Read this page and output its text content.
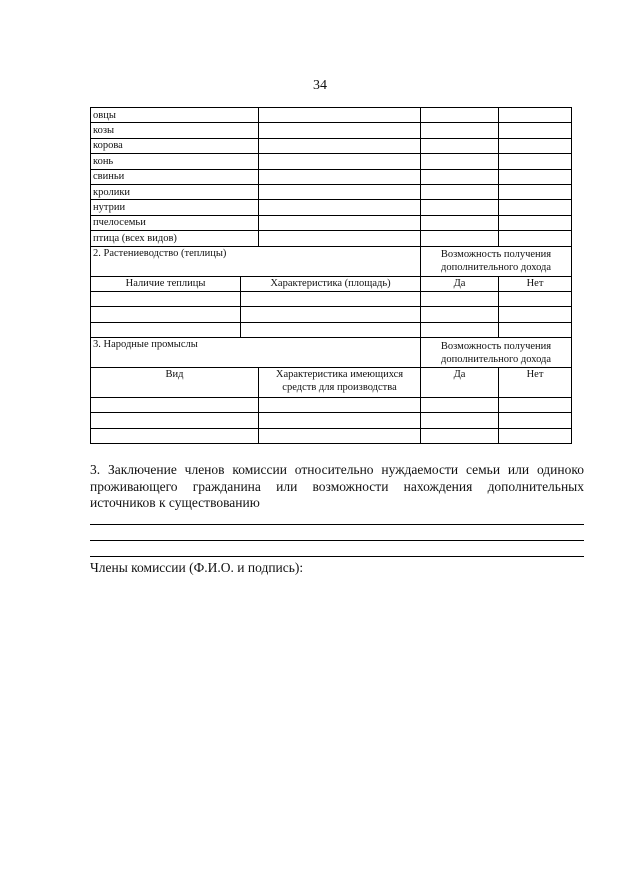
34
овцы				
козы				
корова				
конь				
свиньи				
кролики				
нутрии				
пчелосемьи				
птица (всех видов)				
2. Растениеводство (теплицы)			Возможность получения дополнительного дохода	
Наличие теплицы	Характеристика (площадь)		Да	Нет

3. Народные промыслы			Возможность получения дополнительного дохода	
Вид		Характеристика имеющихся средств для производства	Да	Нет

3. Заключение членов комиссии относительно нуждаемости семьи или одиноко
проживающего гражданина или возможности нахождения дополнительных
источников к существованию
Члены комиссии (Ф.И.О. и подпись):
